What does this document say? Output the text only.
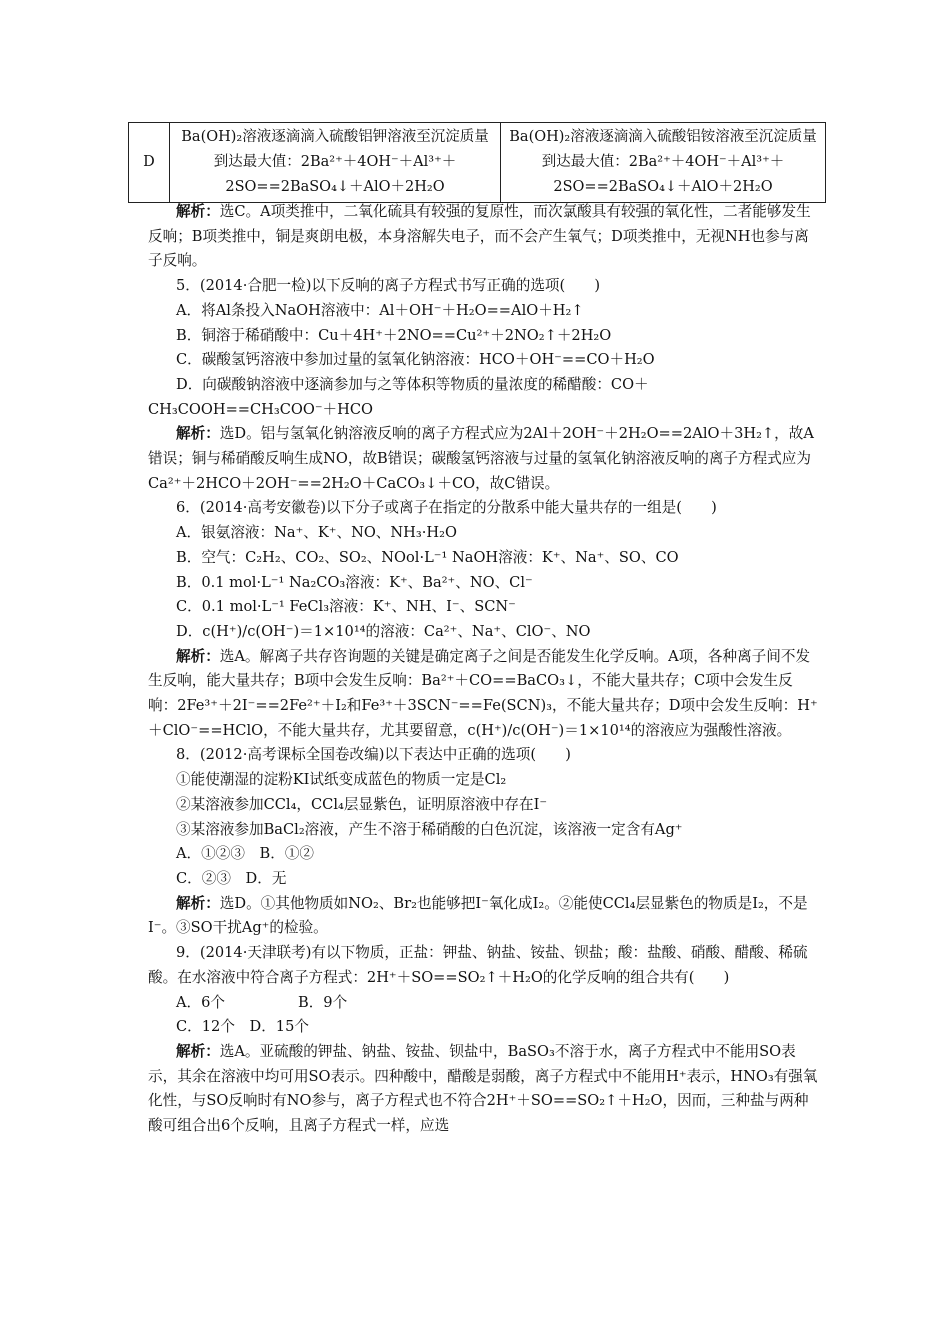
D	Ba(OH)₂溶液逐滴滴入硫酸铝钾溶液至沉淀质量到达最大值：2Ba²⁺＋4OH⁻＋Al³⁺＋2SO==2BaSO₄↓＋AlO＋2H₂O	Ba(OH)₂溶液逐滴滴入硫酸铝铵溶液至沉淀质量到达最大值：2Ba²⁺＋4OH⁻＋Al³⁺＋2SO==2BaSO₄↓＋AlO＋2H₂O

解析：选C。A项类推中，二氧化硫具有较强的复原性，而次氯酸具有较强的氧化性，二者能够发生反响；B项类推中，铜是爽朗电极，本身溶解失电子，而不会产生氧气；D项类推中，无视NH也参与离子反响。

5．(2014·合肥一检)以下反响的离子方程式书写正确的选项(　　)

A．将Al条投入NaOH溶液中：Al＋OH⁻＋H₂O==AlO＋H₂↑

B．铜溶于稀硝酸中：Cu＋4H⁺＋2NO==Cu²⁺＋2NO₂↑＋2H₂O

C．碳酸氢钙溶液中参加过量的氢氧化钠溶液：HCO＋OH⁻==CO＋H₂O

D．向碳酸钠溶液中逐滴参加与之等体积等物质的量浓度的稀醋酸：CO＋CH₃COOH==CH₃COO⁻＋HCO

解析：选D。铝与氢氧化钠溶液反响的离子方程式应为2Al＋2OH⁻＋2H₂O==2AlO＋3H₂↑，故A错误；铜与稀硝酸反响生成NO，故B错误；碳酸氢钙溶液与过量的氢氧化钠溶液反响的离子方程式应为Ca²⁺＋2HCO＋2OH⁻==2H₂O＋CaCO₃↓＋CO，故C错误。

6．(2014·高考安徽卷)以下分子或离子在指定的分散系中能大量共存的一组是(　　)

A．银氨溶液：Na⁺、K⁺、NO、NH₃·H₂O

B．空气：C₂H₂、CO₂、SO₂、NOol·L⁻¹ NaOH溶液：K⁺、Na⁺、SO、CO

B．0.1 mol·L⁻¹ Na₂CO₃溶液：K⁺、Ba²⁺、NO、Cl⁻

C．0.1 mol·L⁻¹ FeCl₃溶液：K⁺、NH、I⁻、SCN⁻

D．c(H⁺)/c(OH⁻)＝1×10¹⁴的溶液：Ca²⁺、Na⁺、ClO⁻、NO

解析：选A。解离子共存咨询题的关键是确定离子之间是否能发生化学反响。A项，各种离子间不发生反响，能大量共存；B项中会发生反响：Ba²⁺＋CO==BaCO₃↓，不能大量共存；C项中会发生反响：2Fe³⁺＋2I⁻==2Fe²⁺＋I₂和Fe³⁺＋3SCN⁻==Fe(SCN)₃，不能大量共存；D项中会发生反响：H⁺＋ClO⁻==HClO，不能大量共存，尤其要留意，c(H⁺)/c(OH⁻)＝1×10¹⁴的溶液应为强酸性溶液。

8．(2012·高考课标全国卷改编)以下表达中正确的选项(　　)

①能使潮湿的淀粉KI试纸变成蓝色的物质一定是Cl₂

②某溶液参加CCl₄，CCl₄层显紫色，证明原溶液中存在I⁻

③某溶液参加BaCl₂溶液，产生不溶于稀硝酸的白色沉淀，该溶液一定含有Ag⁺

A．①②③　B．①②

C．②③　D．无

解析：选D。①其他物质如NO₂、Br₂也能够把I⁻氧化成I₂。②能使CCl₄层显紫色的物质是I₂，不是I⁻。③SO干扰Ag⁺的检验。

9．(2014·天津联考)有以下物质，正盐：钾盐、钠盐、铵盐、钡盐；酸：盐酸、硝酸、醋酸、稀硫酸。在水溶液中符合离子方程式：2H⁺＋SO==SO₂↑＋H₂O的化学反响的组合共有(　　)

A．6个　　　　　B．9个

C．12个　D．15个

解析：选A。亚硫酸的钾盐、钠盐、铵盐、钡盐中，BaSO₃不溶于水，离子方程式中不能用SO表示，其余在溶液中均可用SO表示。四种酸中，醋酸是弱酸，离子方程式中不能用H⁺表示，HNO₃有强氧化性，与SO反响时有NO参与，离子方程式也不符合2H⁺＋SO==SO₂↑＋H₂O，因而，三种盐与两种酸可组合出6个反响，且离子方程式一样，应选
